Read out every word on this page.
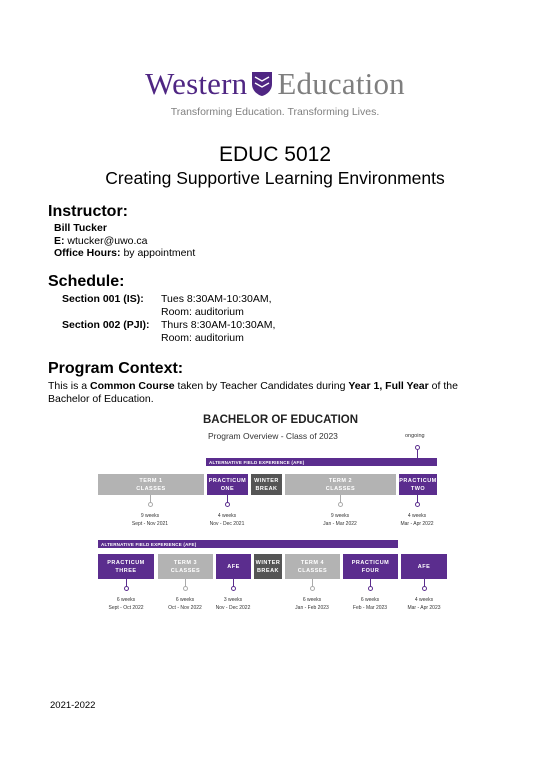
Western Education
Transforming Education. Transforming Lives.
EDUC 5012
Creating Supportive Learning Environments
Instructor:
Bill Tucker
E: wtucker@uwo.ca
Office Hours: by appointment
Schedule:
Section 001 (IS):	Tues 8:30AM-10:30AM,
Room: auditorium
Section 002 (PJI):	Thurs 8:30AM-10:30AM,
Room: auditorium
Program Context:
This is a Common Course taken by Teacher Candidates during Year 1, Full Year of the
Bachelor of Education.
BACHELOR OF EDUCATION
Program Overview - Class of 2023	ongoing
ALTERNATIVE FIELD EXPERIENCE (AFE)
TERM 1
CLASSES
PRACTICUM
ONE
WINTER
BREAK
TERM 2
CLASSES
PRACTICUM
TWO
9 weeks
Sept - Nov 2021
4 weeks
Nov - Dec 2021
9 weeks
Jan - Mar 2022
4 weeks
Mar - Apr 2022
ALTERNATIVE FIELD EXPERIENCE (AFE)
PRACTICUM
THREE
TERM 3
CLASSES
AFE
WINTER
BREAK
TERM 4
CLASSES
PRACTICUM
FOUR
AFE
6 weeks
Sept - Oct 2022
6 weeks
Oct - Nov 2022
3 weeks
Nov - Dec 2022
6 weeks
Jan - Feb 2023
6 weeks
Feb - Mar 2023
4 weeks
Mar - Apr 2023
2021-2022
